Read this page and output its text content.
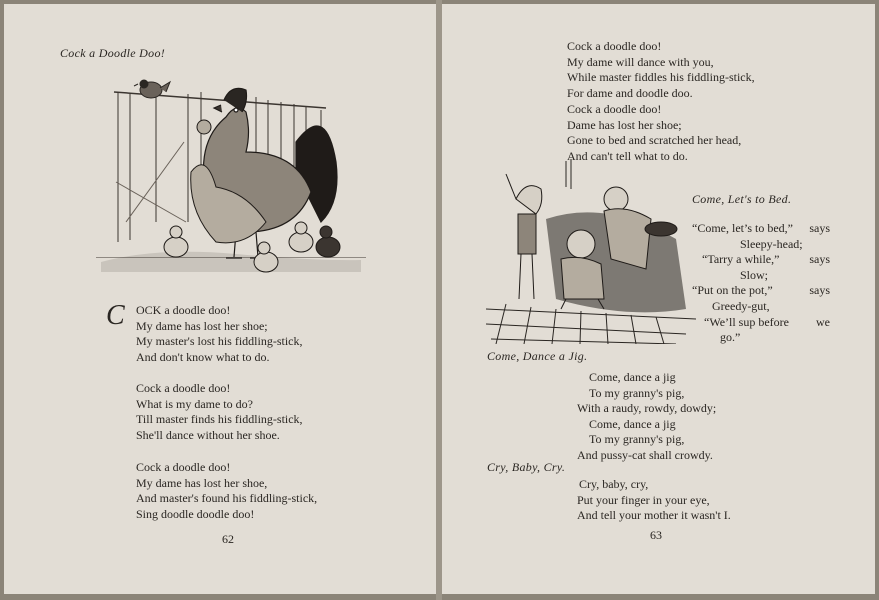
Cock a Doodle Doo!
C OCK a doodle doo!
My dame has lost her shoe;
My master's lost his fiddling-stick,
And don't know what to do.
Cock a doodle doo!
What is my dame to do?
Till master finds his fiddling-stick,
She'll dance without her shoe.
Cock a doodle doo!
My dame has lost her shoe,
And master's found his fiddling-stick,
Sing doodle doodle doo!
62
Cock a doodle doo!
My dame will dance with you,
While master fiddles his fiddling-stick,
For dame and doodle doo.
Cock a doodle doo!
Dame has lost her shoe;
Gone to bed and scratched her head,
And can't tell what to do.
Come, Let's to Bed.
“Come, let’s to bed,” says
Sleepy-head;
“Tarry a while,” says
Slow;
“Put on the pot,”	says
Greedy-gut,
“We’ll sup before we
go.”
Come, Dance a Jig.
Come, dance a jig
To my granny's pig,
With a raudy, rowdy, dowdy;
Come, dance a jig
To my granny's pig,
And pussy-cat shall crowdy.
Cry, Baby, Cry.
Cry, baby, cry,
Put your finger in your eye,
And tell your mother it wasn't I.
63
